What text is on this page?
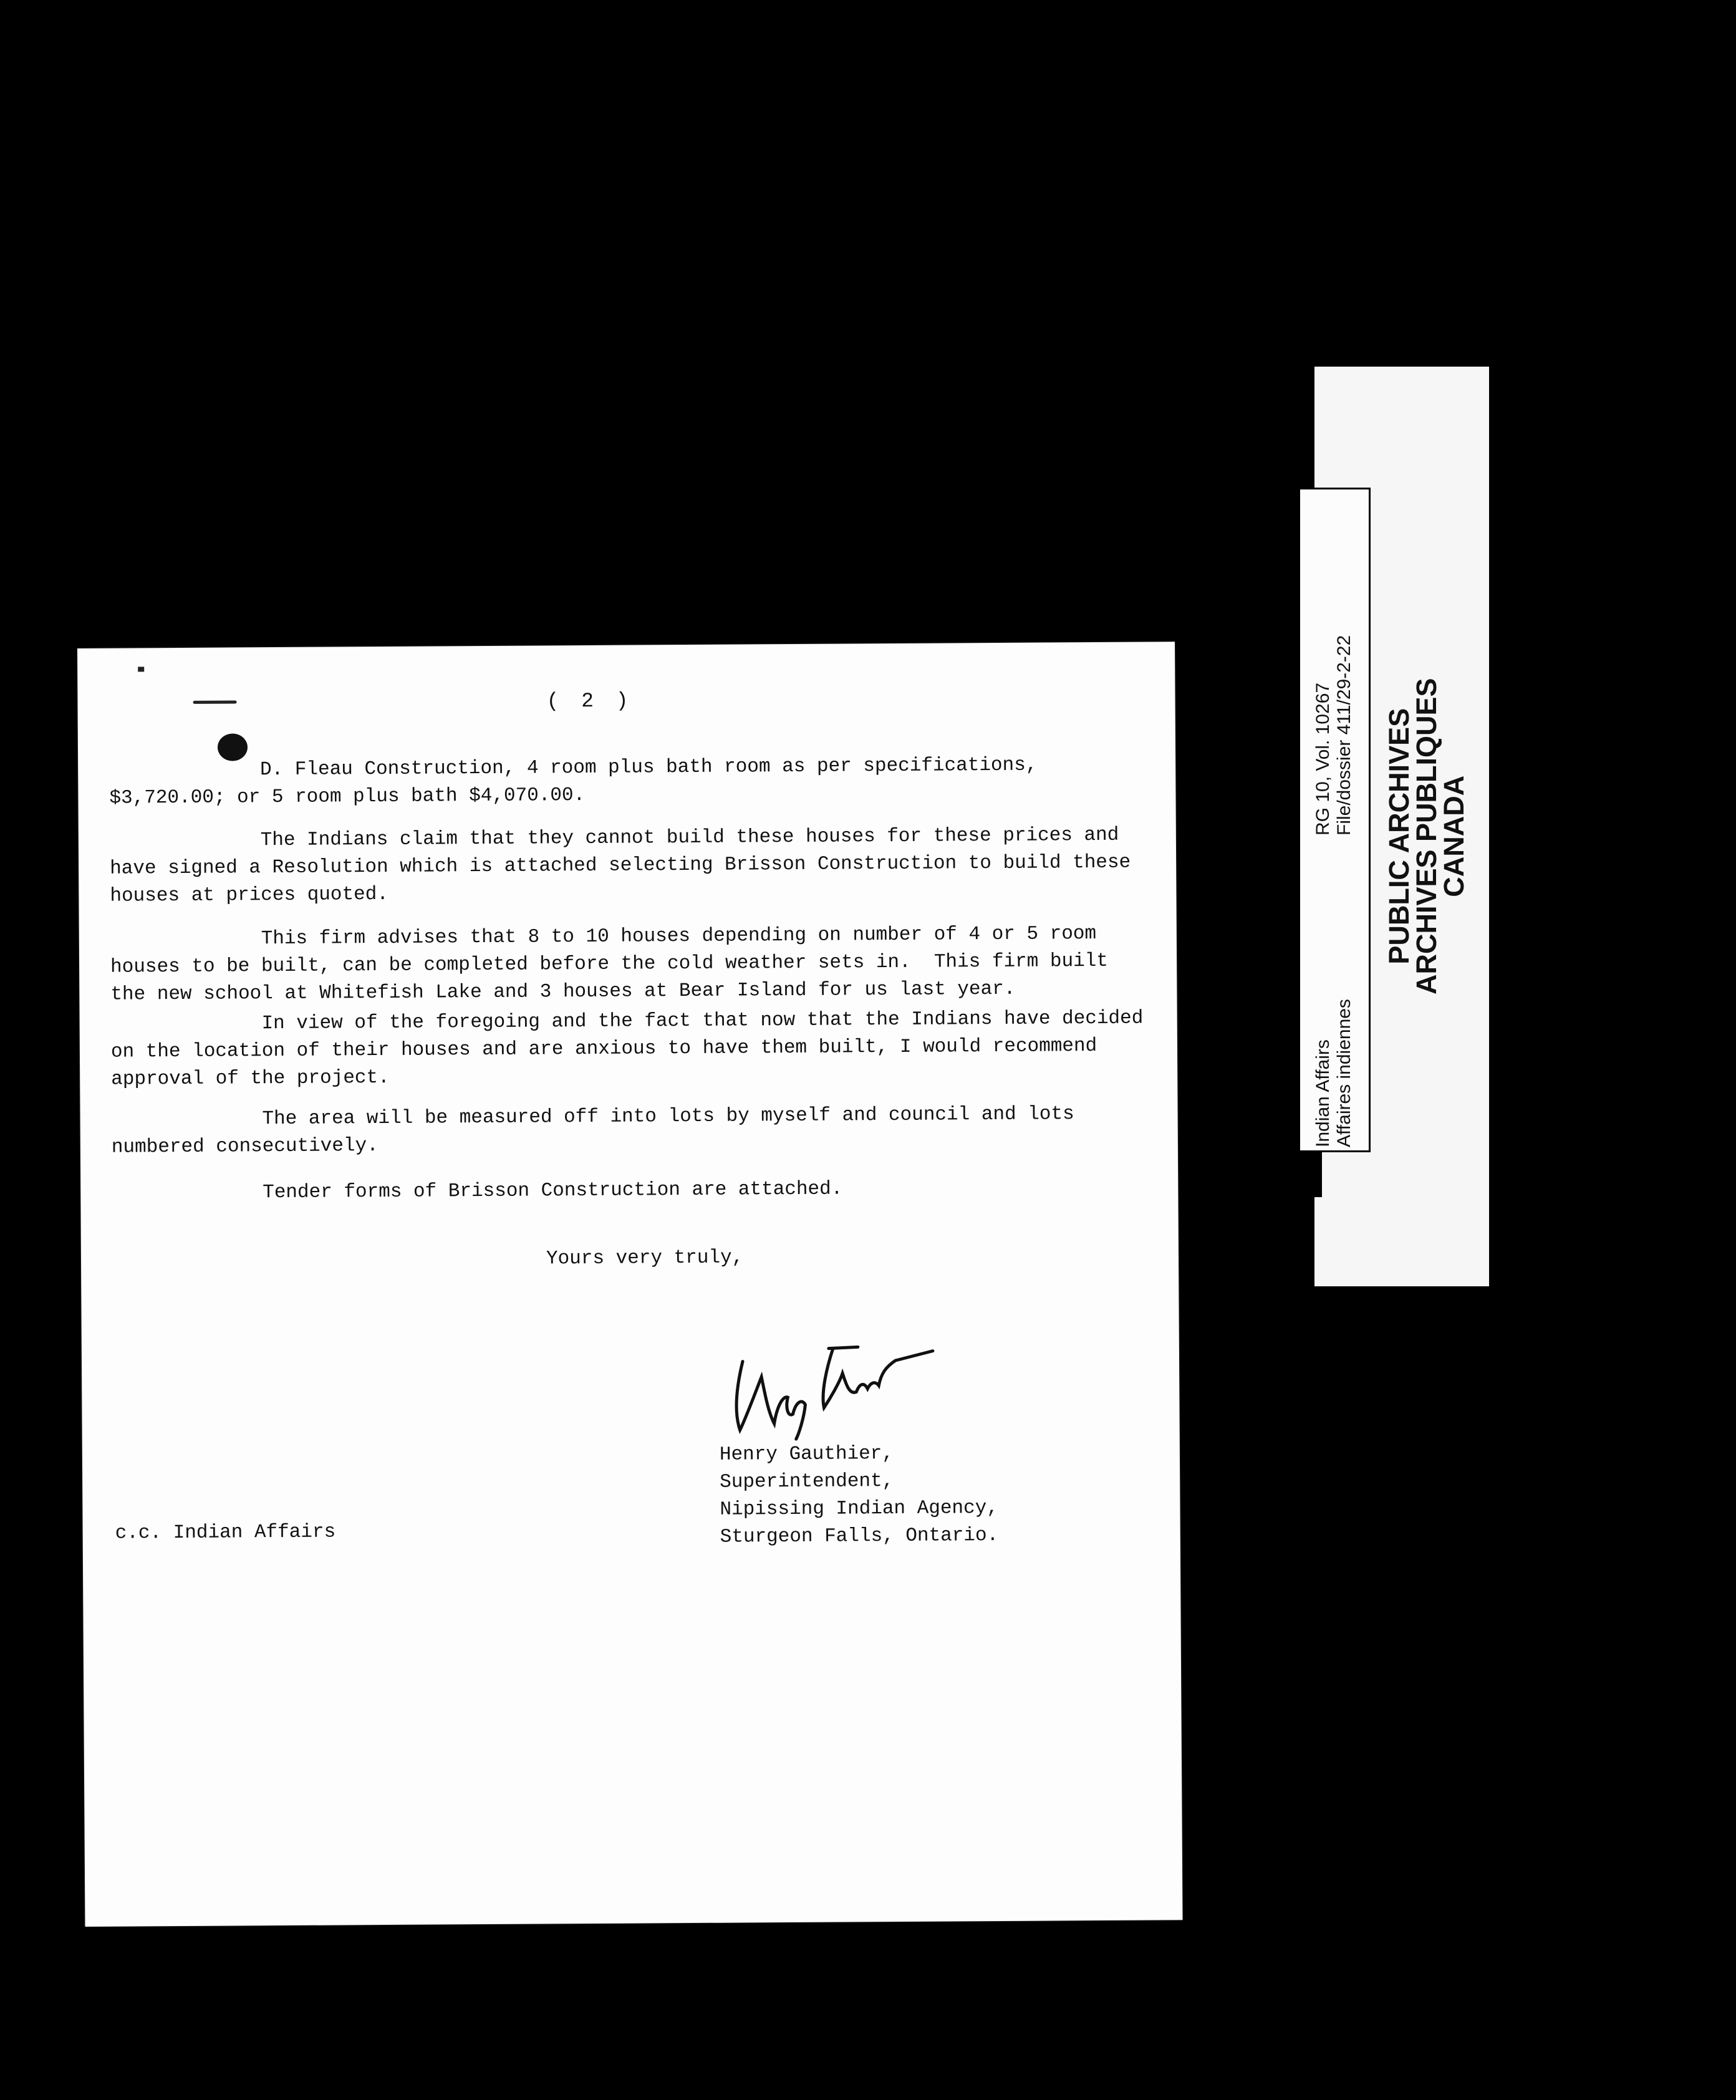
( 2 )
D. Fleau Construction, 4 room plus bath room as per specifications,
$3,720.00; or 5 room plus bath $4,070.00.
The Indians claim that they cannot build these houses for these prices and
have signed a Resolution which is attached selecting Brisson Construction to build these
houses at prices quoted.
This firm advises that 8 to 10 houses depending on number of 4 or 5 room
houses to be built, can be completed before the cold weather sets in.  This firm built
the new school at Whitefish Lake and 3 houses at Bear Island for us last year.
In view of the foregoing and the fact that now that the Indians have decided
on the location of their houses and are anxious to have them built, I would recommend
approval of the project.
The area will be measured off into lots by myself and council and lots
numbered consecutively.
Tender forms of Brisson Construction are attached.
Yours very truly,
Henry Gauthier,
Superintendent,
Nipissing Indian Agency,
Sturgeon Falls, Ontario.
c.c. Indian Affairs
Indian Affairs Affaires indiennes
RG 10, Vol. 10267 File/dossier 411/29-2-22 PUBLIC ARCHIVES
ARCHIVES PUBLIQUES
CANADA
